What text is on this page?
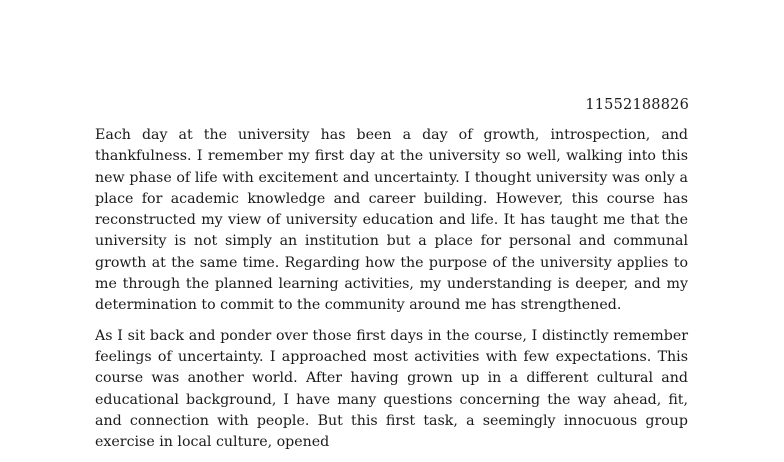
11552188826

Each day at the university has been a day of growth, introspection, and thankfulness. I remember my first day at the university so well, walking into this new phase of life with excitement and uncertainty. I thought university was only a place for academic knowledge and career building. However, this course has reconstructed my view of university education and life. It has taught me that the university is not simply an institution but a place for personal and communal growth at the same time. Regarding how the purpose of the university applies to me through the planned learning activities, my understanding is deeper, and my determination to commit to the community around me has strengthened.

As I sit back and ponder over those first days in the course, I distinctly remember feelings of uncertainty. I approached most activities with few expectations. This course was another world. After having grown up in a different cultural and educational background, I have many questions concerning the way ahead, fit, and connection with people. But this first task, a seemingly innocuous group exercise in local culture, opened
